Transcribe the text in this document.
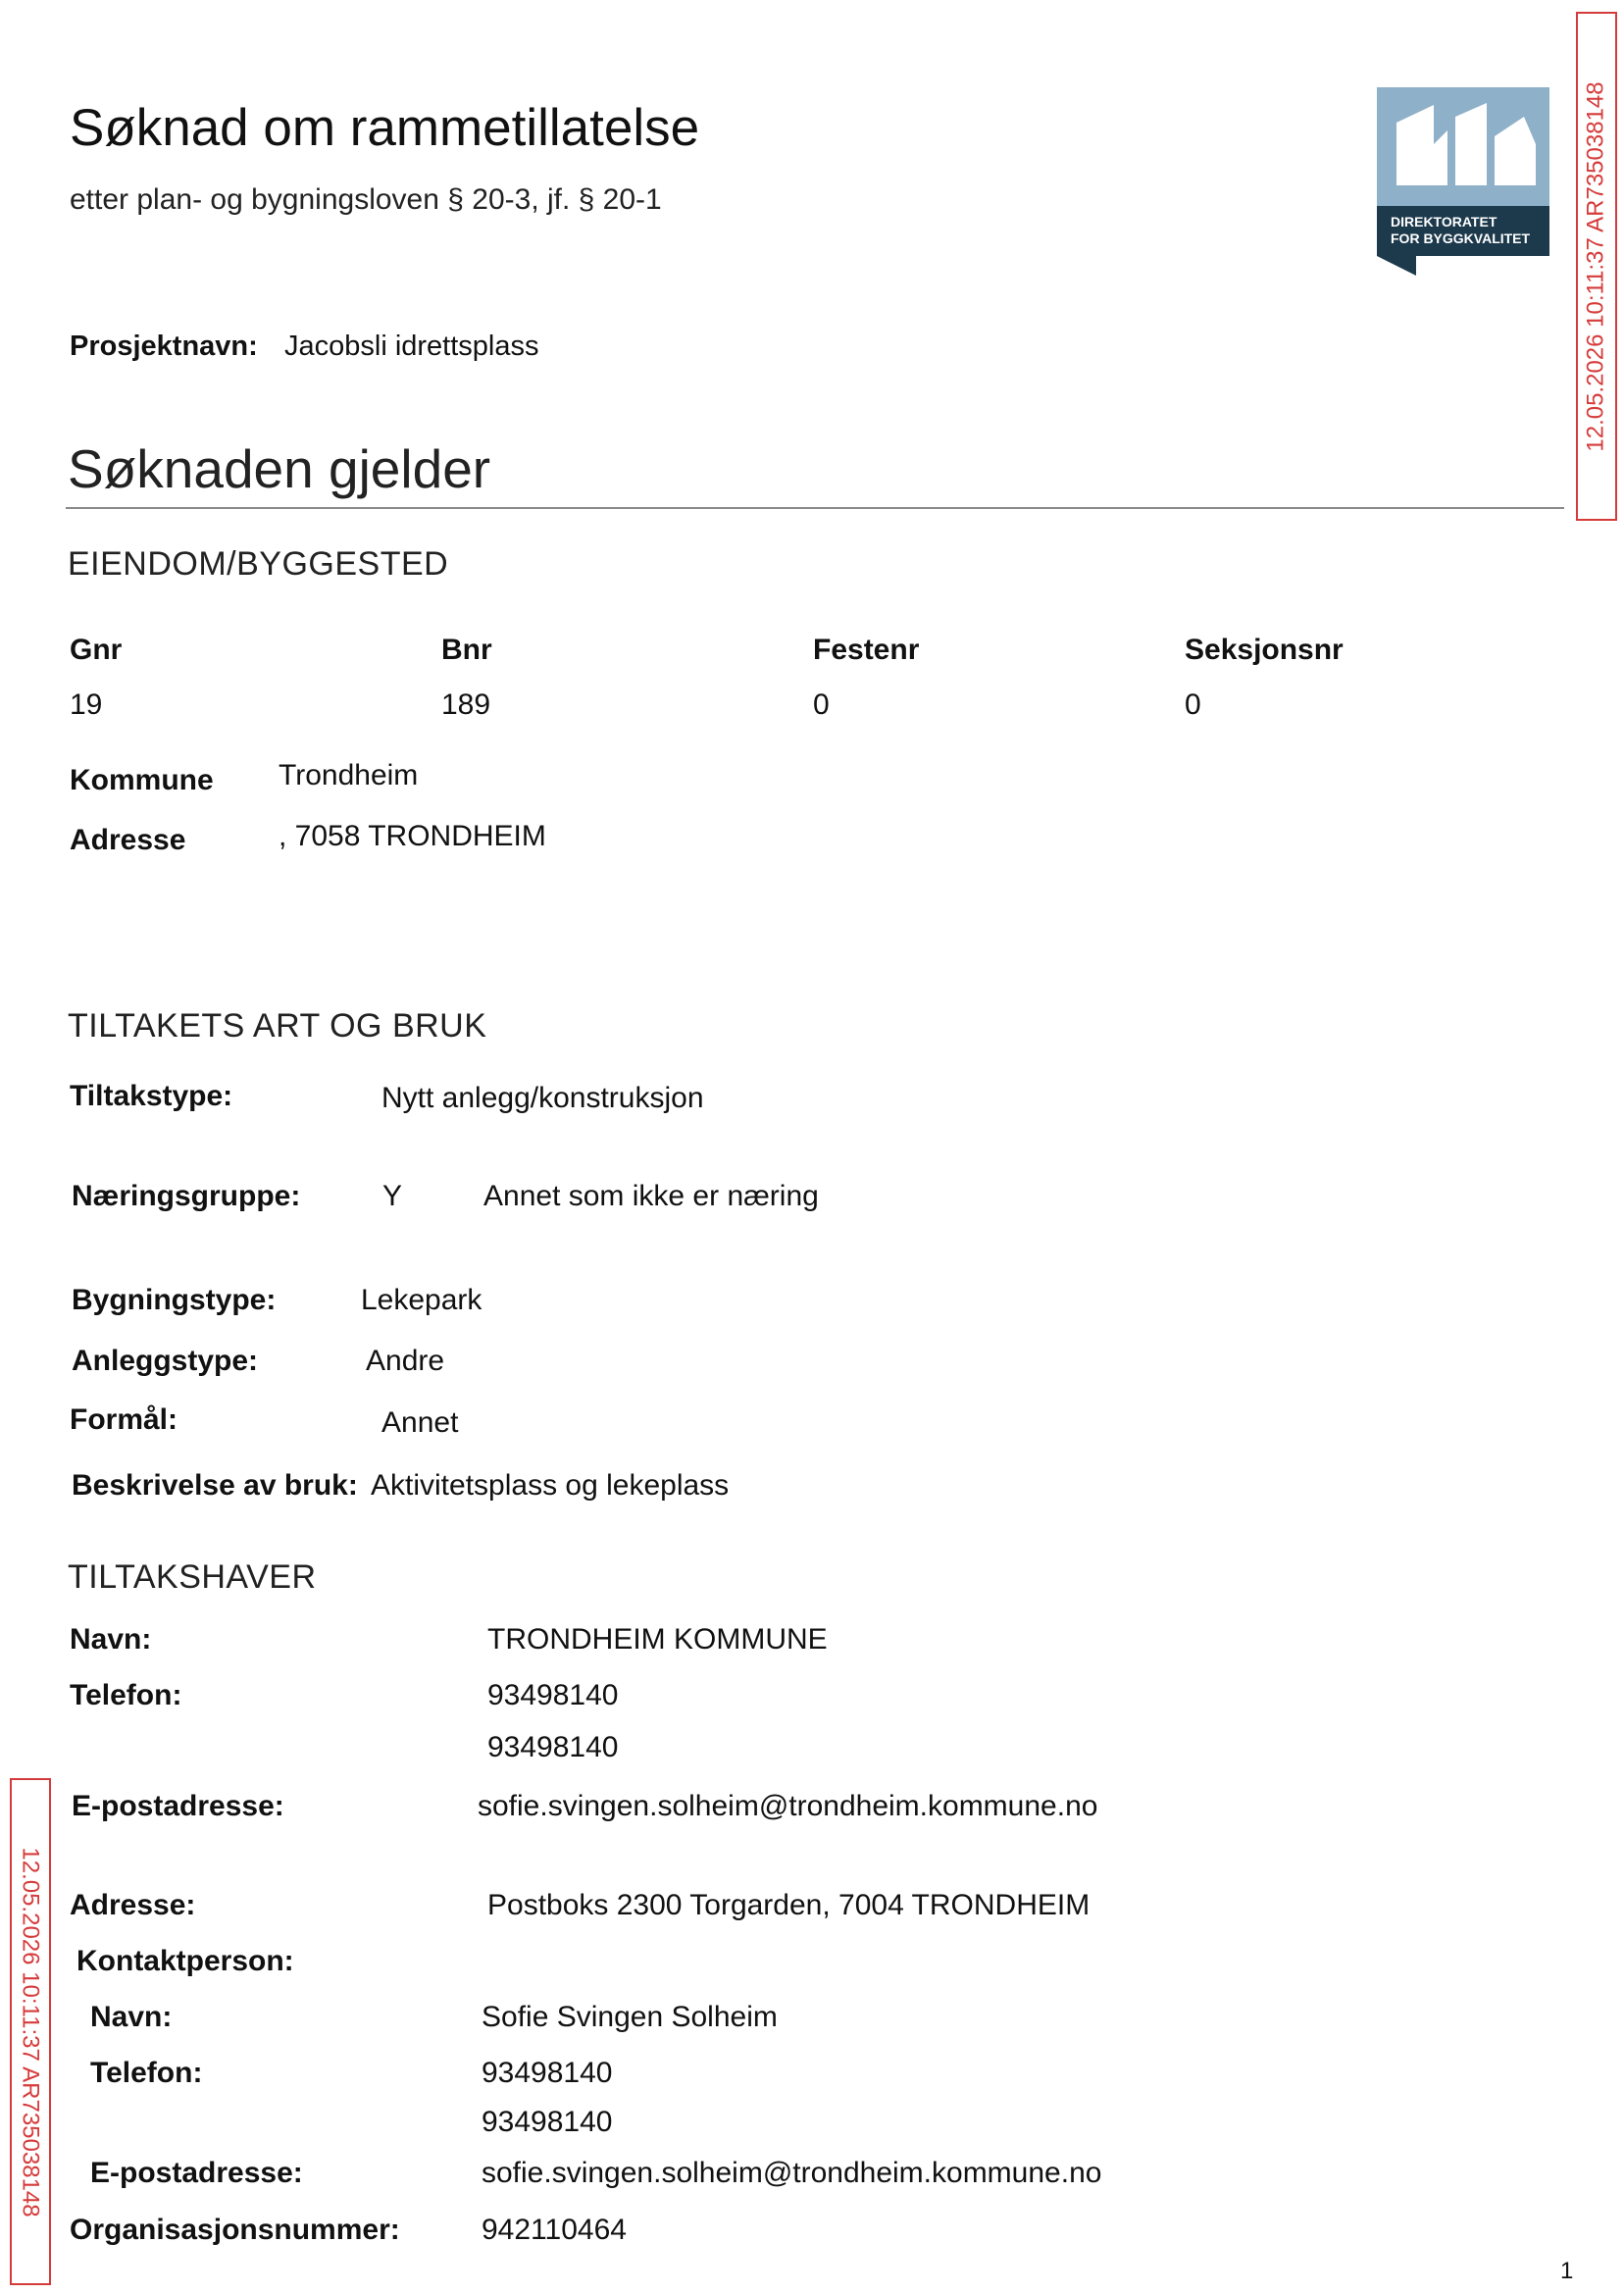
Søknad om rammetillatelse
etter plan- og bygningsloven § 20-3, jf. § 20-1
DIREKTORATET
FOR BYGGKVALITET 12.05.2026 10:11:37 AR735038148
12.05.2026 10:11:37 AR735038148
Prosjektnavn: Jacobsli idrettsplass
Søknaden gjelder
EIENDOM/BYGGESTED
Gnr	Bnr	Festenr	Seksjonsnr
19	189	0	0
Kommune Trondheim
Adresse	, 7058 TRONDHEIM
TILTAKETS ART OG BRUK
Tiltakstype:	Nytt anlegg/konstruksjon
Næringsgruppe:	Y	Annet som ikke er næring
Bygningstype:	Lekepark
Anleggstype:	Andre
Formål:	Annet
Beskrivelse av bruk: Aktivitetsplass og lekeplass
TILTAKSHAVER
Navn:	TRONDHEIM KOMMUNE
Telefon:	93498140
93498140
E-postadresse:	sofie.svingen.solheim@trondheim.kommune.no
Adresse:	Postboks 2300 Torgarden, 7004 TRONDHEIM
Kontaktperson:
Navn:	Sofie Svingen Solheim
Telefon:	93498140
93498140
E-postadresse:	sofie.svingen.solheim@trondheim.kommune.no
Organisasjonsnummer:	942110464
1
